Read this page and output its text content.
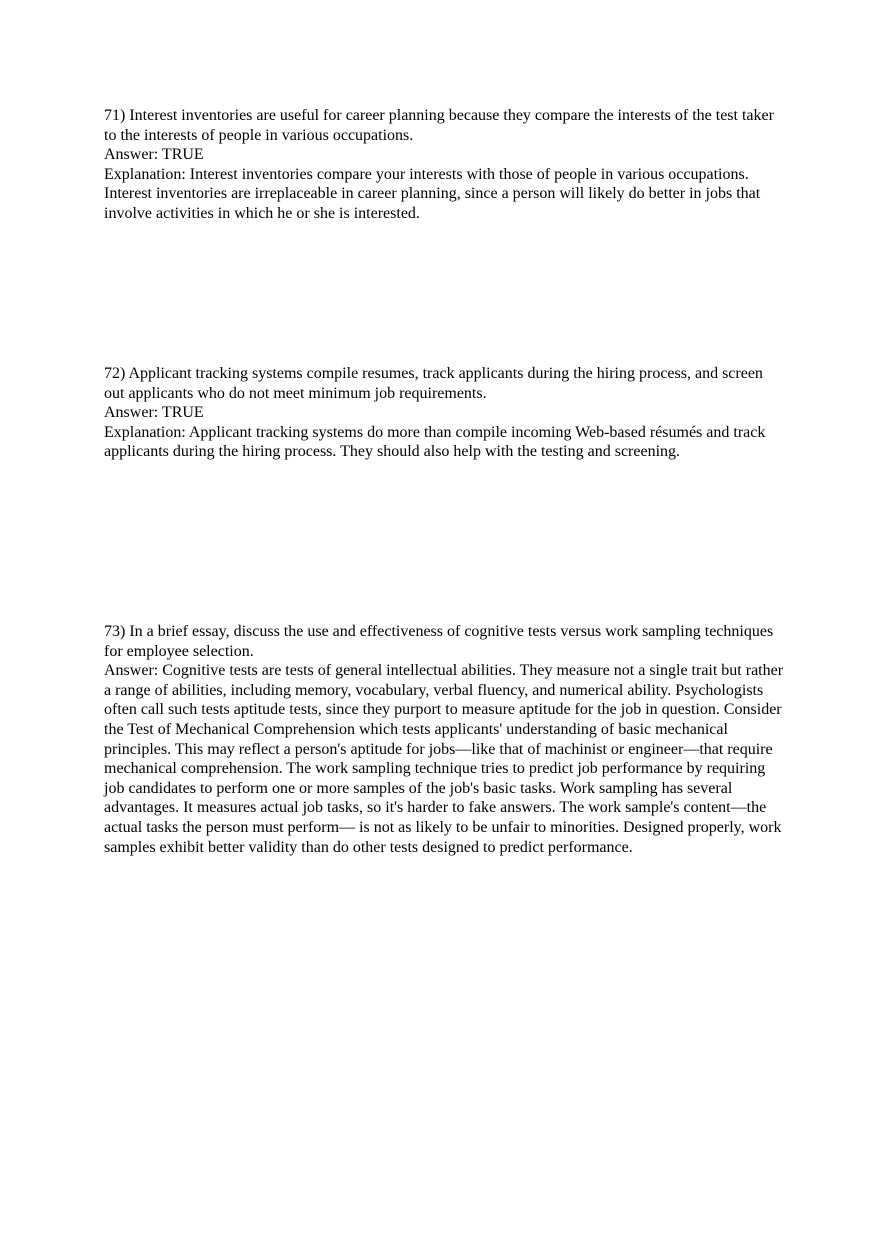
71) Interest inventories are useful for career planning because they compare the interests of the test taker to the interests of people in various occupations.
Answer: TRUE
Explanation: Interest inventories compare your interests with those of people in various occupations. Interest inventories are irreplaceable in career planning, since a person will likely do better in jobs that involve activities in which he or she is interested.
72) Applicant tracking systems compile resumes, track applicants during the hiring process, and screen out applicants who do not meet minimum job requirements.
Answer: TRUE
Explanation: Applicant tracking systems do more than compile incoming Web-based résumés and track applicants during the hiring process. They should also help with the testing and screening.
73) In a brief essay, discuss the use and effectiveness of cognitive tests versus work sampling techniques for employee selection.
Answer: Cognitive tests are tests of general intellectual abilities. They measure not a single trait but rather a range of abilities, including memory, vocabulary, verbal fluency, and numerical ability. Psychologists often call such tests aptitude tests, since they purport to measure aptitude for the job in question. Consider the Test of Mechanical Comprehension which tests applicants' understanding of basic mechanical principles. This may reflect a person's aptitude for jobs—like that of machinist or engineer—that require mechanical comprehension. The work sampling technique tries to predict job performance by requiring job candidates to perform one or more samples of the job's basic tasks. Work sampling has several advantages. It measures actual job tasks, so it's harder to fake answers. The work sample's content—the actual tasks the person must perform— is not as likely to be unfair to minorities. Designed properly, work samples exhibit better validity than do other tests designed to predict performance.
